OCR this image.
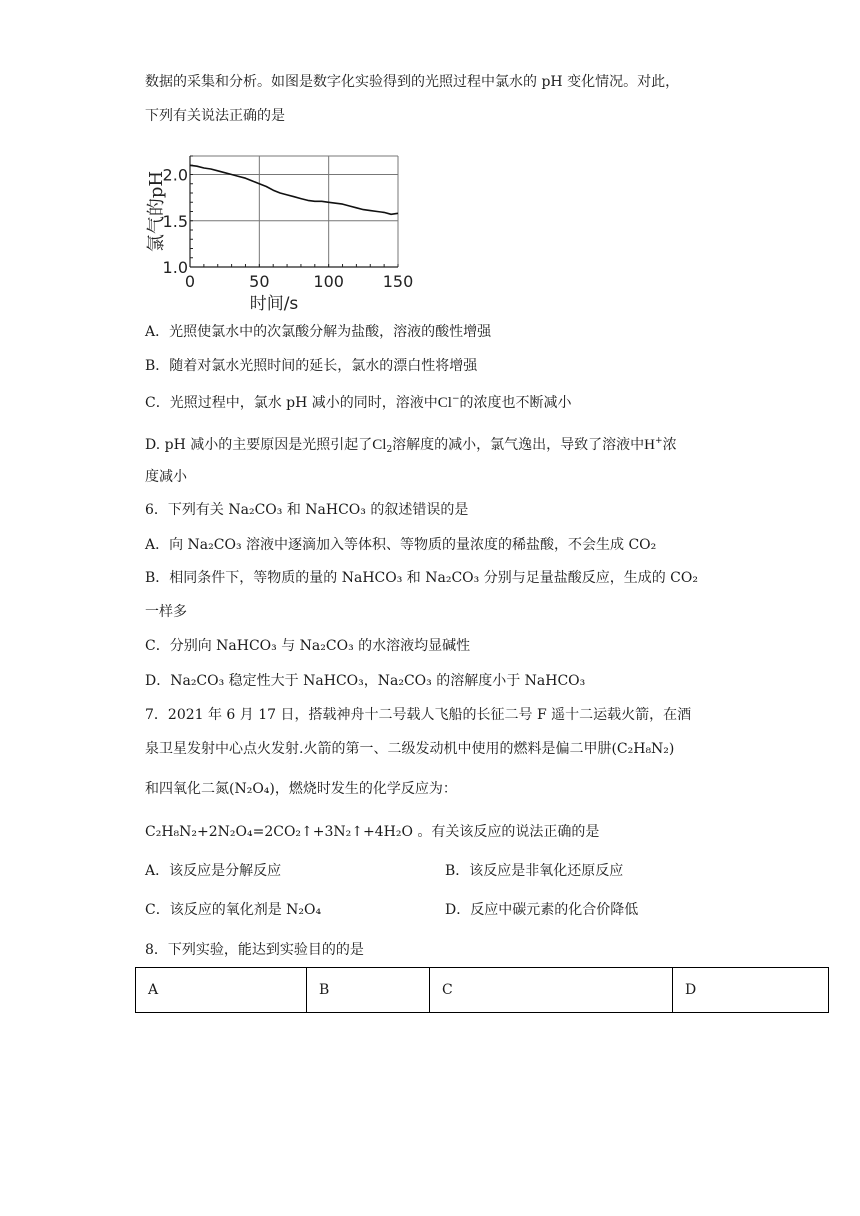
数据的采集和分析。如图是数字化实验得到的光照过程中氯水的 pH 变化情况。对此，
下列有关说法正确的是
0	50	100 150
1.0
1.5
2.0
时间/s
氯气的pH
A．光照使氯水中的次氯酸分解为盐酸，溶液的酸性增强
B．随着对氯水光照时间的延长，氯水的漂白性将增强
C．光照过程中，氯水 pH 减小的同时，溶液中Cl−的浓度也不断减小
D. pH 减小的主要原因是光照引起了$Cl_2$溶解度的减小，氯气逸出，导致了溶液中H+浓
度减小
6．下列有关 Na₂CO₃ 和 NaHCO₃ 的叙述错误的是
A．向 Na₂CO₃ 溶液中逐滴加入等体积、等物质的量浓度的稀盐酸，不会生成 CO₂
B．相同条件下，等物质的量的 NaHCO₃ 和 Na₂CO₃ 分别与足量盐酸反应，生成的 CO₂
一样多
C．分别向 NaHCO₃ 与 Na₂CO₃ 的水溶液均显碱性
D．Na₂CO₃ 稳定性大于 NaHCO₃，Na₂CO₃ 的溶解度小于 NaHCO₃
7．2021 年 6 月 17 日，搭载神舟十二号载人飞船的长征二号 F 遥十二运载火箭，在酒
泉卫星发射中心点火发射.火箭的第一、二级发动机中使用的燃料是偏二甲肼(C₂H₈N₂)
和四氧化二氮(N₂O₄)，燃烧时发生的化学反应为：
C₂H₈N₂+2N₂O₄=2CO₂↑+3N₂↑+4H₂O 。有关该反应的说法正确的是
A．该反应是分解反应	B．该反应是非氧化还原反应
C．该反应的氧化剂是 N₂O₄	D．反应中碳元素的化合价降低
8．下列实验，能达到实验目的的是
A	B	C	D
